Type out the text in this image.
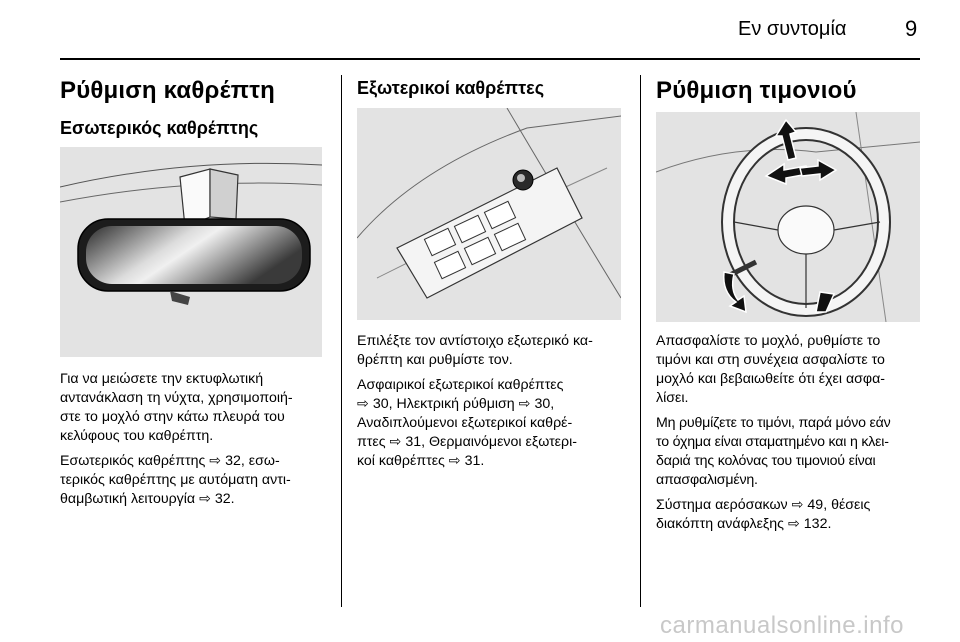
Εν συντομία	9
Ρύθμιση καθρέπτη
Εσωτερικός καθρέπτης
Για να μειώσετε την εκτυφλωτική
αντανάκλαση τη νύχτα, χρησιμοποιή-
στε το μοχλό στην κάτω πλευρά του
κελύφους του καθρέπτη.
Εσωτερικός καθρέπτης ⇨ 32, εσω-
τερικός καθρέπτης με αυτόματη αντι-
θαμβωτική λειτουργία ⇨ 32.
Εξωτερικοί καθρέπτες
Επιλέξτε τον αντίστοιχο εξωτερικό κα-
θρέπτη και ρυθμίστε τον.
Ασφαιρικοί εξωτερικοί καθρέπτες
⇨ 30, Ηλεκτρική ρύθμιση ⇨ 30,
Αναδιπλούμενοι εξωτερικοί καθρέ-
πτες ⇨ 31, Θερμαινόμενοι εξωτερι-
κοί καθρέπτες ⇨ 31.
Ρύθμιση τιμονιού
Απασφαλίστε το μοχλό, ρυθμίστε το
τιμόνι και στη συνέχεια ασφαλίστε το
μοχλό και βεβαιωθείτε ότι έχει ασφα-
λίσει.
Μη ρυθμίζετε το τιμόνι, παρά μόνο εάν
το όχημα είναι σταματημένο και η κλει-
δαριά της κολόνας του τιμονιού είναι
απασφαλισμένη.
Σύστημα αερόσακων ⇨ 49, θέσεις
διακόπτη ανάφλεξης ⇨ 132.
carmanualsonline.info
